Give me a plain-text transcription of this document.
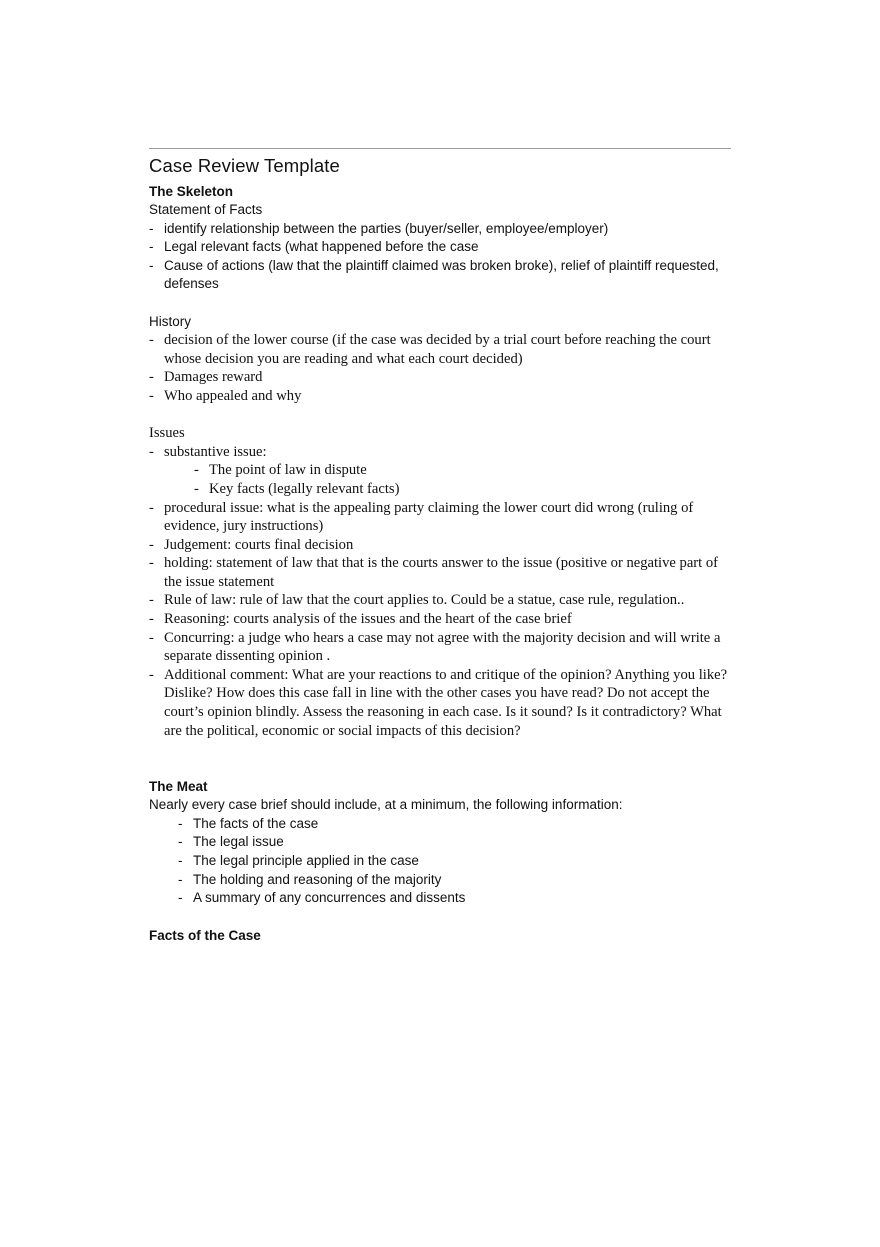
Case Review Template
The Skeleton

Statement of Facts

- identify relationship between the parties (buyer/seller, employee/employer)
- Legal relevant facts (what happened before the case
- Cause of actions (law that the plaintiff claimed was broken broke), relief of plaintiff requested, defenses

History

- decision of the lower course (if the case was decided by a trial court before reaching the court whose decision you are reading and what each court decided)
- Damages reward
- Who appealed and why

Issues

- substantive issue:
- The point of law in dispute
- Key facts (legally relevant facts)
- procedural issue: what is the appealing party claiming the lower court did wrong (ruling of evidence, jury instructions)
- Judgement: courts final decision
- holding: statement of law that that is the courts answer to the issue (positive or negative part of the issue statement
- Rule of law: rule of law that the court applies to. Could be a statue, case rule, regulation..
- Reasoning: courts analysis of the issues and the heart of the case brief
- Concurring: a judge who hears a case may not agree with the majority decision and will write a separate dissenting opinion .
- Additional comment: What are your reactions to and critique of the opinion? Anything you like? Dislike? How does this case fall in line with the other cases you have read? Do not accept the court’s opinion blindly. Assess the reasoning in each case. Is it sound? Is it contradictory? What are the political, economic or social impacts of this decision?
The Meat

Nearly every case brief should include, at a minimum, the following information:

- The facts of the case
- The legal issue
- The legal principle applied in the case
- The holding and reasoning of the majority
- A summary of any concurrences and dissents
Facts of the Case
